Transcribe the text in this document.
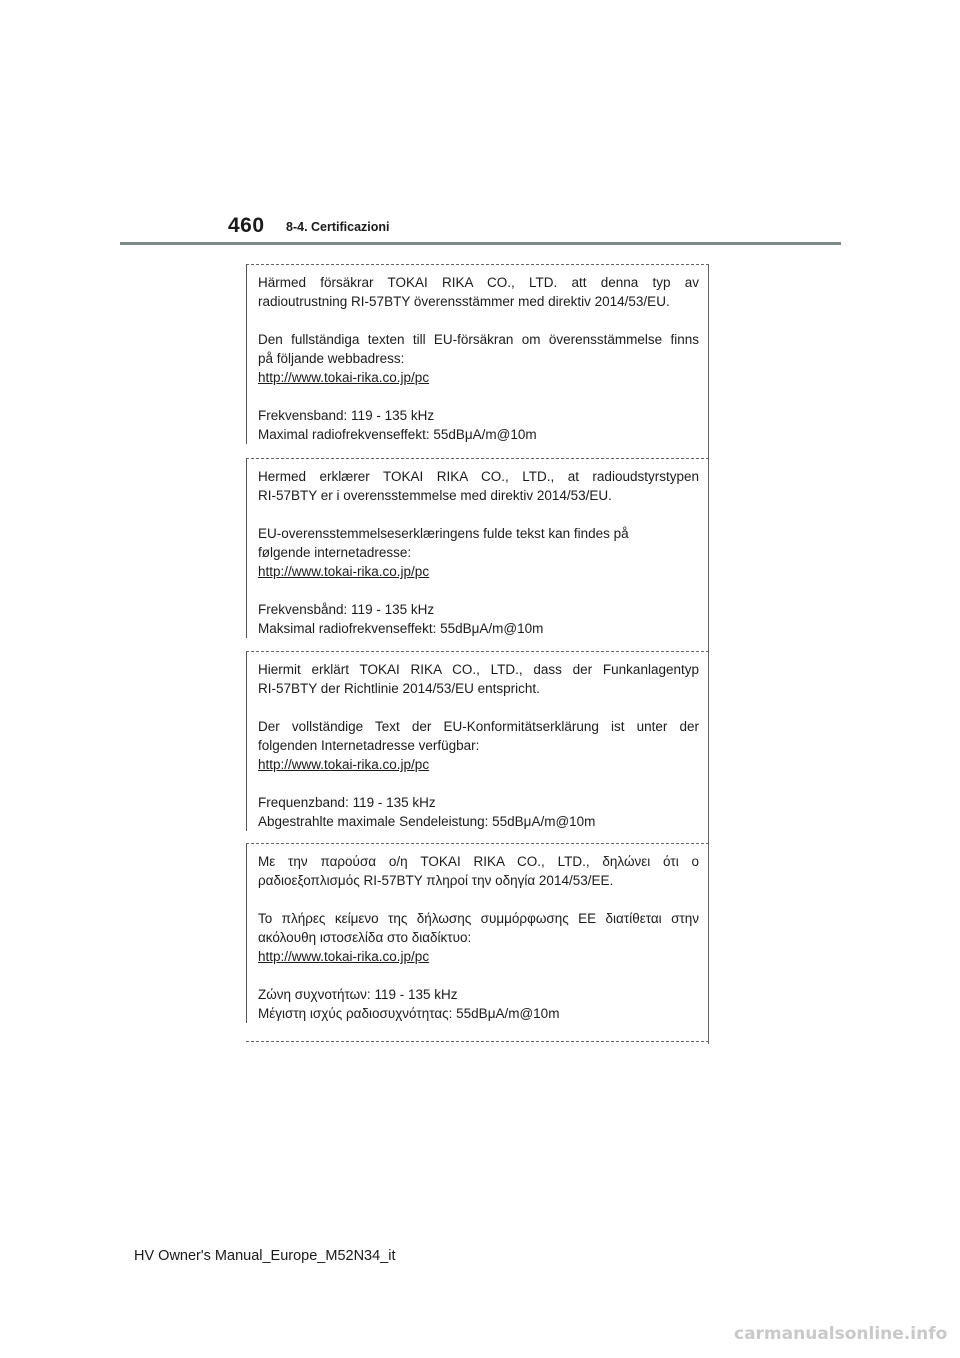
460 8-4. Certificazioni

Härmed försäkrar TOKAI RIKA CO., LTD. att denna typ av

radioutrustning RI-57BTY överensstämmer med direktiv 2014/53/EU.

Den fullständiga texten till EU-försäkran om överensstämmelse finns

på följande webbadress:

http://www.tokai-rika.co.jp/pc

Frekvensband: 119 - 135 kHz

Maximal radiofrekvenseffekt: 55dBμA/m@10m

Hermed erklærer TOKAI RIKA CO., LTD., at radioudstyrstypen

RI-57BTY er i overensstemmelse med direktiv 2014/53/EU.

EU-overensstemmelseserklæringens fulde tekst kan findes på

følgende internetadresse:

http://www.tokai-rika.co.jp/pc

Frekvensbånd: 119 - 135 kHz

Maksimal radiofrekvenseffekt: 55dBμA/m@10m

Hiermit erklärt TOKAI RIKA CO., LTD., dass der Funkanlagentyp

RI-57BTY der Richtlinie 2014/53/EU entspricht.

Der vollständige Text der EU-Konformitätserklärung ist unter der

folgenden Internetadresse verfügbar:

http://www.tokai-rika.co.jp/pc

Frequenzband: 119 - 135 kHz

Abgestrahlte maximale Sendeleistung: 55dBμA/m@10m

Με την παρούσα ο/η TOKAI RIKA CO., LTD., δηλώνει ότι ο

ραδιοεξοπλισμός RI-57BTY πληροί την οδηγία 2014/53/ΕΕ.

Το πλήρες κείμενο της δήλωσης συμμόρφωσης ΕΕ διατίθεται στην

ακόλουθη ιστοσελίδα στο διαδίκτυο:

http://www.tokai-rika.co.jp/pc

Ζώνη συχνοτήτων: 119 - 135 kHz

Μέγιστη ισχύς ραδιοσυχνότητας: 55dBμA/m@10m

HV Owner's Manual_Europe_M52N34_it
carmanualsonline.info
